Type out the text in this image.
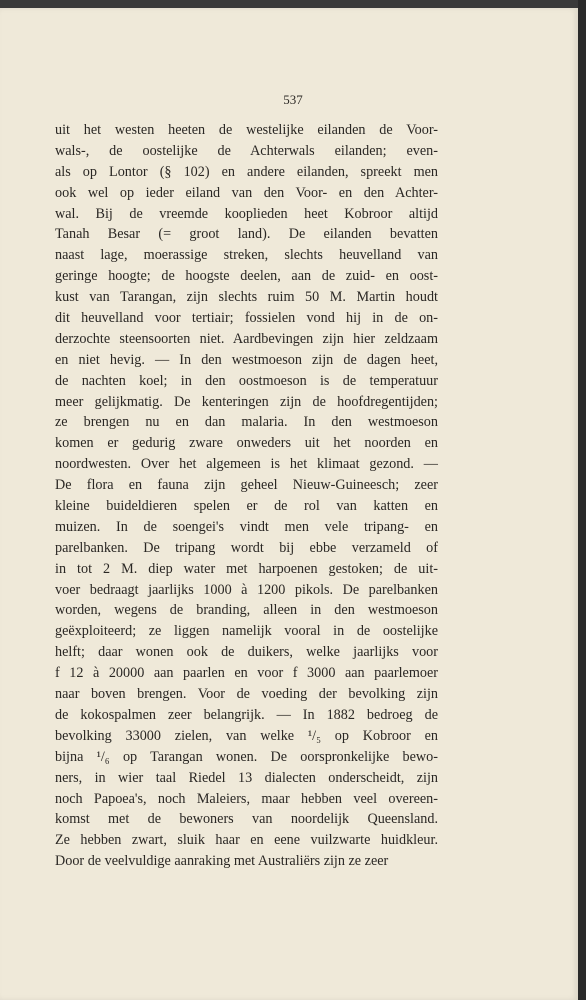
537
uit het westen heeten de westelijke eilanden de Voor-
wals-, de oostelijke de Achterwals eilanden; even-
als op Lontor (§ 102) en andere eilanden, spreekt men
ook wel op ieder eiland van den Voor- en den Achter-
wal. Bij de vreemde kooplieden heet Kobroor altijd
Tanah Besar (= groot land). De eilanden bevatten
naast lage, moerassige streken, slechts heuvelland van
geringe hoogte; de hoogste deelen, aan de zuid- en oost-
kust van Tarangan, zijn slechts ruim 50 M. Martin houdt
dit heuvelland voor tertiair; fossielen vond hij in de on-
derzochte steensoorten niet. Aardbevingen zijn hier zeldzaam
en niet hevig. — In den westmoeson zijn de dagen heet,
de nachten koel; in den oostmoeson is de temperatuur
meer gelijkmatig. De kenteringen zijn de hoofdregentijden;
ze brengen nu en dan malaria. In den westmoeson
komen er gedurig zware onweders uit het noorden en
noordwesten. Over het algemeen is het klimaat gezond. —
De flora en fauna zijn geheel Nieuw-Guineesch; zeer
kleine buideldieren spelen er de rol van katten en
muizen. In de soengei's vindt men vele tripang- en
parelbanken. De tripang wordt bij ebbe verzameld of
in tot 2 M. diep water met harpoenen gestoken; de uit-
voer bedraagt jaarlijks 1000 à 1200 pikols. De parelbanken
worden, wegens de branding, alleen in den westmoeson
geëxploiteerd; ze liggen namelijk vooral in de oostelijke
helft; daar wonen ook de duikers, welke jaarlijks voor
f 12 à 20000 aan paarlen en voor f 3000 aan paarlemoer
naar boven brengen. Voor de voeding der bevolking zijn
de kokospalmen zeer belangrijk. — In 1882 bedroeg de
bevolking 33000 zielen, van welke ¹/₅ op Kobroor en
bijna ¹/₆ op Tarangan wonen. De oorspronkelijke bewo-
ners, in wier taal Riedel 13 dialecten onderscheidt, zijn
noch Papoea's, noch Maleiers, maar hebben veel overeen-
komst met de bewoners van noordelijk Queensland.
Ze hebben zwart, sluik haar en eene vuilzwarte huidkleur.
Door de veelvuldige aanraking met Australiërs zijn ze zeer
